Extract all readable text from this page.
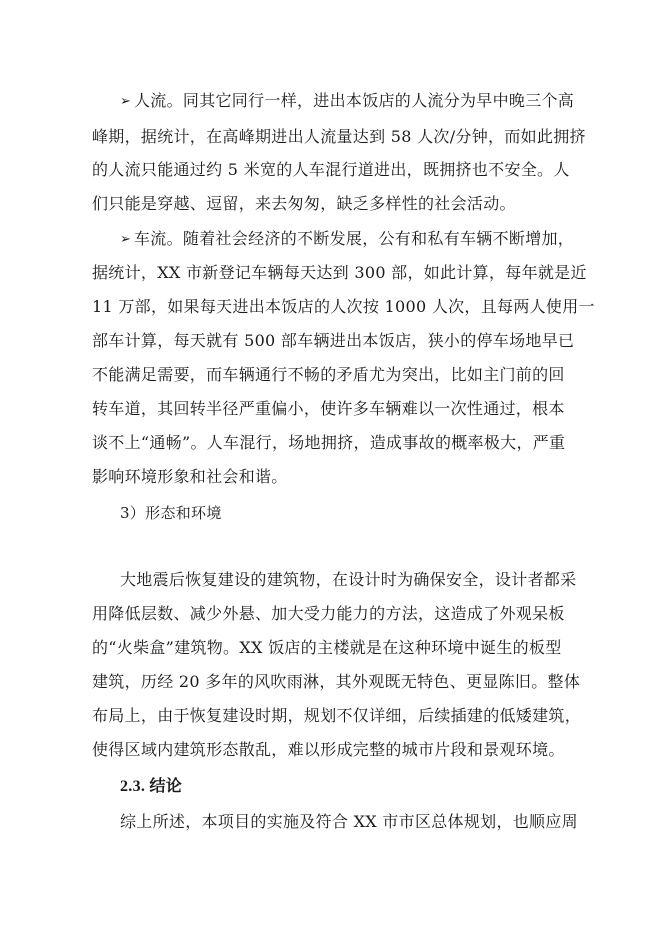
➢ 人流。同其它同行一样，进出本饭店的人流分为早中晚三个高
峰期，据统计，在高峰期进出人流量达到 58 人次/分钟，而如此拥挤
的人流只能通过约 5 米宽的人车混行道进出，既拥挤也不安全。人
们只能是穿越、逗留，来去匆匆，缺乏多样性的社会活动。
➢ 车流。随着社会经济的不断发展，公有和私有车辆不断增加，
据统计，XX 市新登记车辆每天达到 300 部，如此计算，每年就是近
11 万部，如果每天进出本饭店的人次按 1000 人次，且每两人使用一
部车计算，每天就有 500 部车辆进出本饭店，狭小的停车场地早已
不能满足需要，而车辆通行不畅的矛盾尤为突出，比如主门前的回
转车道，其回转半径严重偏小，使许多车辆难以一次性通过，根本
谈不上“通畅”。人车混行，场地拥挤，造成事故的概率极大，严重
影响环境形象和社会和谐。
3）形态和环境
大地震后恢复建设的建筑物，在设计时为确保安全，设计者都采
用降低层数、减少外悬、加大受力能力的方法，这造成了外观呆板
的“火柴盒”建筑物。XX 饭店的主楼就是在这种环境中诞生的板型
建筑，历经 20 多年的风吹雨淋，其外观既无特色、更显陈旧。整体
布局上，由于恢复建设时期，规划不仅详细，后续插建的低矮建筑，
使得区域内建筑形态散乱，难以形成完整的城市片段和景观环境。
2.3. 结论
综上所述，本项目的实施及符合 XX 市市区总体规划，也顺应周
